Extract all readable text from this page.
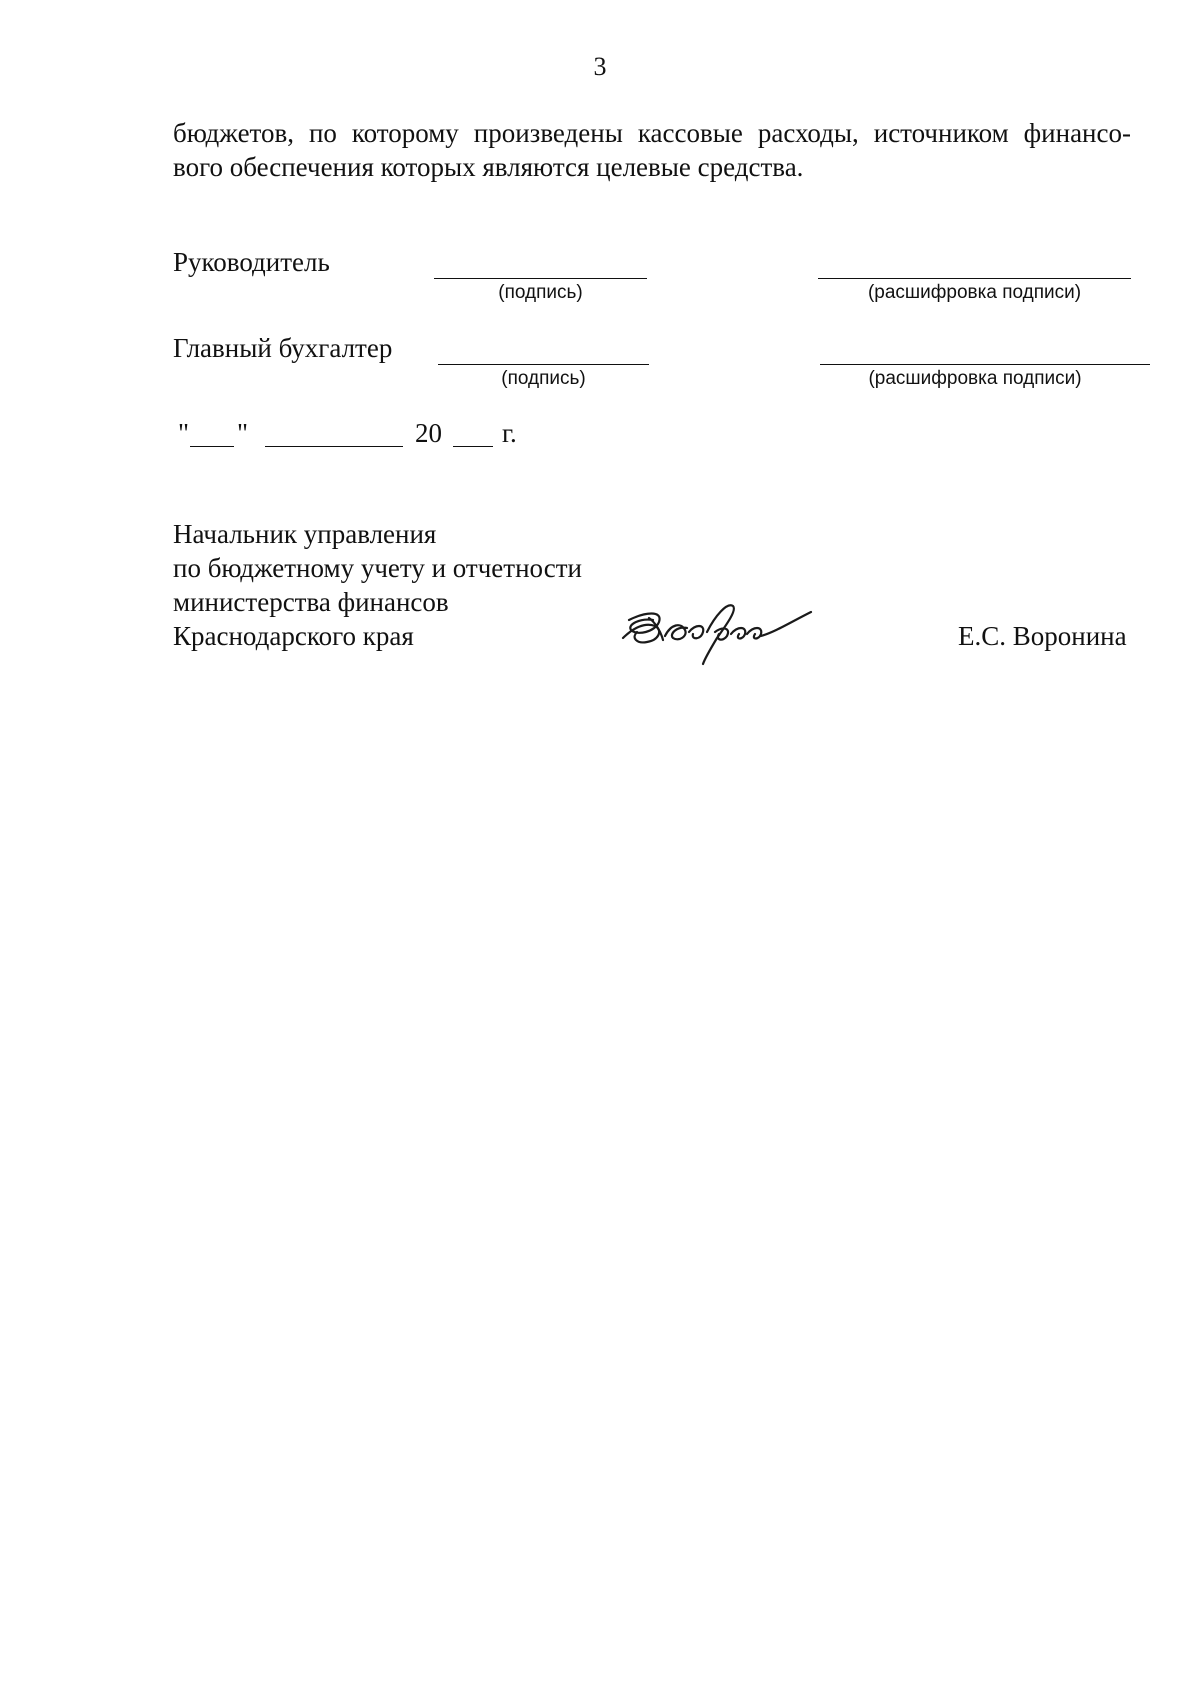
3
бюджетов, по которому произведены кассовые расходы, источником финансо-
вого обеспечения которых являются целевые средства.
Руководитель
(подпись)	(расшифровка подписи)
Главный бухгалтер
(подпись)	(расшифровка подписи)
" "	20 г.
Начальник управления
по бюджетному учету и отчетности
министерства финансов
Краснодарского края	Е.С. Воронина
